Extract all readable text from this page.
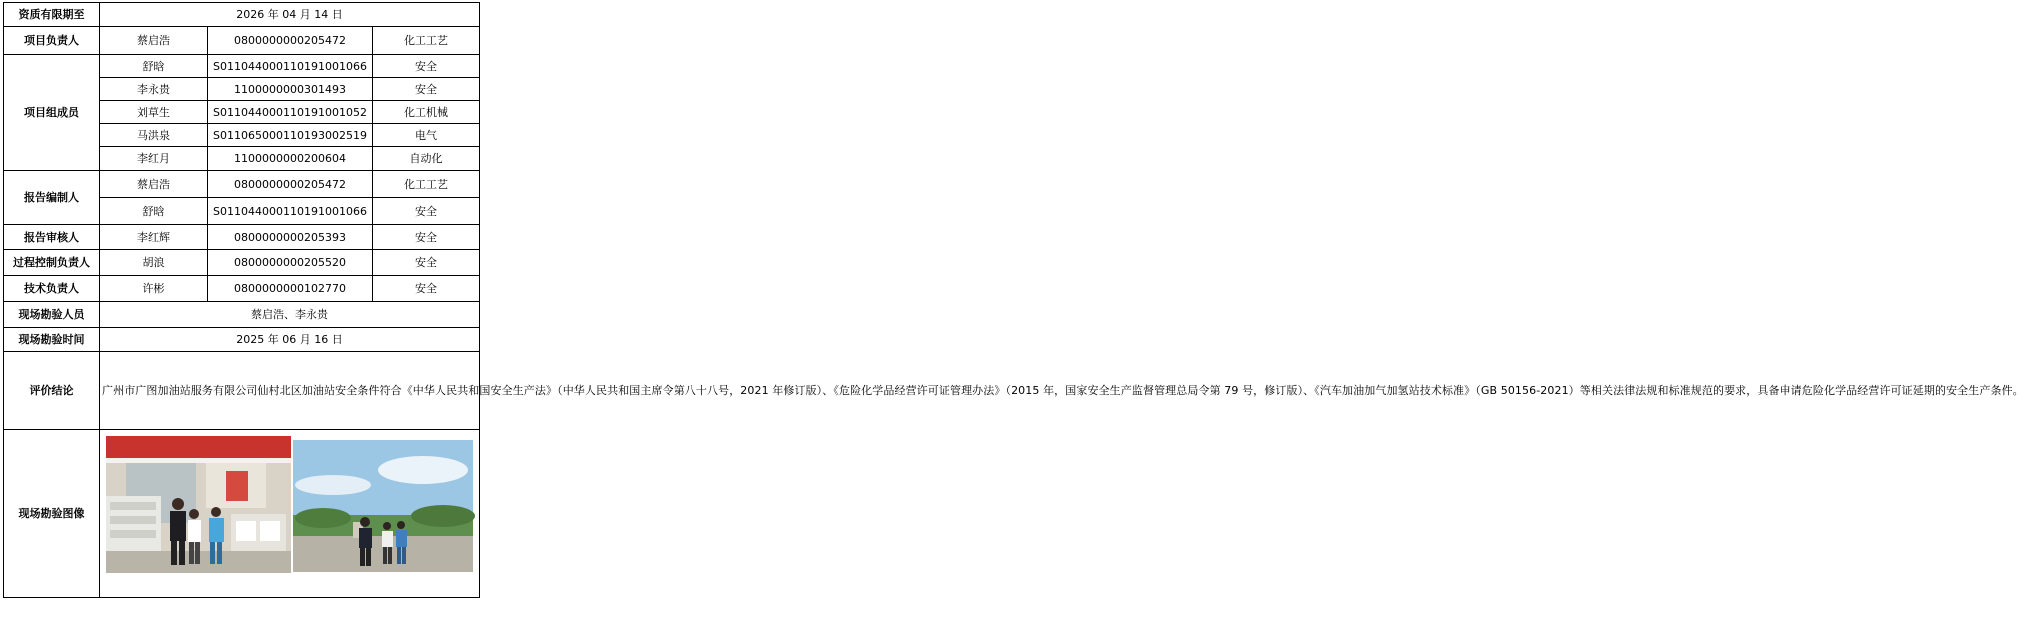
资质有限期至	2026 年 04 月 14 日		
项目负责人	蔡启浩	0800000000205472	化工工艺
项目组成员	舒晗	S011044000110191001066	安全
	李永贵	1100000000301493	安全
	刘草生	S011044000110191001052	化工机械
	马洪泉	S011065000110193002519	电气
	李红月	1100000000200604	自动化
报告编制人	蔡启浩	0800000000205472	化工工艺
	舒晗	S011044000110191001066	安全
报告审核人	李红辉	0800000000205393	安全
过程控制负责人	胡浪	0800000000205520	安全
技术负责人	许彬	0800000000102770	安全
现场勘验人员	蔡启浩、李永贵		
现场勘验时间	2025 年 06 月 16 日		
评价结论	广州市广图加油站服务有限公司仙村北区加油站安全条件符合《中华人民共和国安全生产法》（中华人民共和国主席令第八十八号，2021 年修订版）、《危险化学品经营许可证管理办法》（2015 年，国家安全生产监督管理总局令第 79 号，修订版）、《汽车加油加气加氢站技术标准》（GB 50156-2021）等相关法律法规和标准规范的要求，具备申请危险化学品经营许可证延期的安全生产条件。		
现场勘验图像	
